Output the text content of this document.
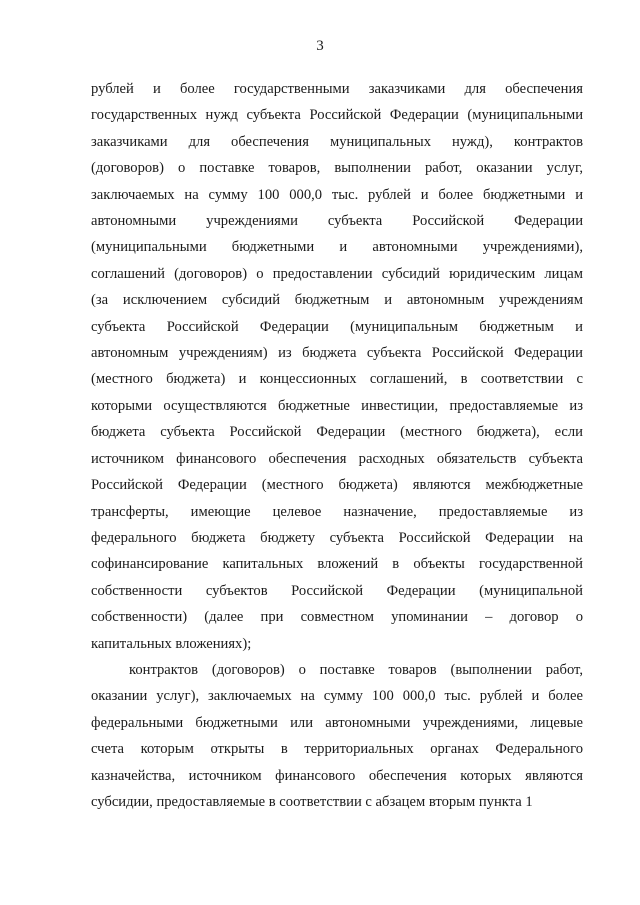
3
рублей и более государственными заказчиками для обеспечения
государственных нужд субъекта Российской Федерации (муниципальными
заказчиками для обеспечения муниципальных нужд), контрактов
(договоров) о поставке товаров, выполнении работ, оказании услуг,
заключаемых на сумму 100 000,0 тыс. рублей и более бюджетными и
автономными учреждениями субъекта Российской Федерации
(муниципальными бюджетными и автономными учреждениями),
соглашений (договоров) о предоставлении субсидий юридическим лицам
(за исключением субсидий бюджетным и автономным учреждениям
субъекта Российской Федерации (муниципальным бюджетным и
автономным учреждениям) из бюджета субъекта Российской Федерации
(местного бюджета) и концессионных соглашений, в соответствии с
которыми осуществляются бюджетные инвестиции, предоставляемые из
бюджета субъекта Российской Федерации (местного бюджета), если
источником финансового обеспечения расходных обязательств субъекта
Российской Федерации (местного бюджета) являются межбюджетные
трансферты, имеющие целевое назначение, предоставляемые из
федерального бюджета бюджету субъекта Российской Федерации на
софинансирование капитальных вложений в объекты государственной
собственности субъектов Российской Федерации (муниципальной
собственности) (далее при совместном упоминании – договор о
капитальных вложениях);
контрактов (договоров) о поставке товаров (выполнении работ,
оказании услуг), заключаемых на сумму 100 000,0 тыс. рублей и более
федеральными бюджетными или автономными учреждениями, лицевые
счета которым открыты в территориальных органах Федерального
казначейства, источником финансового обеспечения которых являются
субсидии, предоставляемые в соответствии с абзацем вторым пункта 1
